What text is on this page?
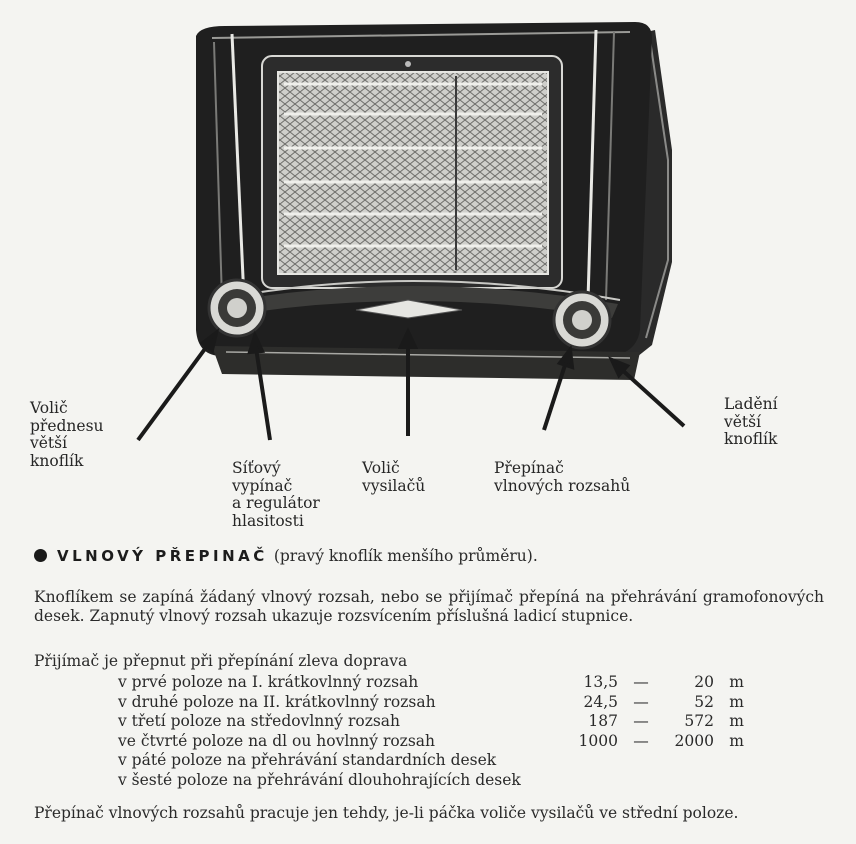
Volič
přednesu
větší
knoflík	Síťový
vypínač
a regulátor
hlasitosti
Volič
vysilačů
Přepínač
vlnových rozsahů
Ladění
větší
knoflík
VLNOVÝ PŘEPINAČ (pravý knoflík menšího průměru).
Knoflíkem se zapíná žádaný vlnový rozsah, nebo se přijímač přepíná na přehrávání gramofonových desek. Zapnutý vlnový rozsah ukazuje rozsvícením příslušná ladicí stupnice.
Přijímač je přepnut při přepínání zleva doprava
v prvé poloze na I. krátkovlnný rozsah	13,5 —	20 m
v druhé poloze na II. krátkovlnný rozsah	24,5 —	52 m
v třetí poloze na středovlnný rozsah	187 —	572 m
ve čtvrté poloze na dl ou hovlnný rozsah	1000 —	2000 m
v páté poloze na přehrávání standardních desek
v šesté poloze na přehrávání dlouhohrajících desek
Přepínač vlnových rozsahů pracuje jen tehdy, je-li páčka voliče vysilačů ve střední poloze.
